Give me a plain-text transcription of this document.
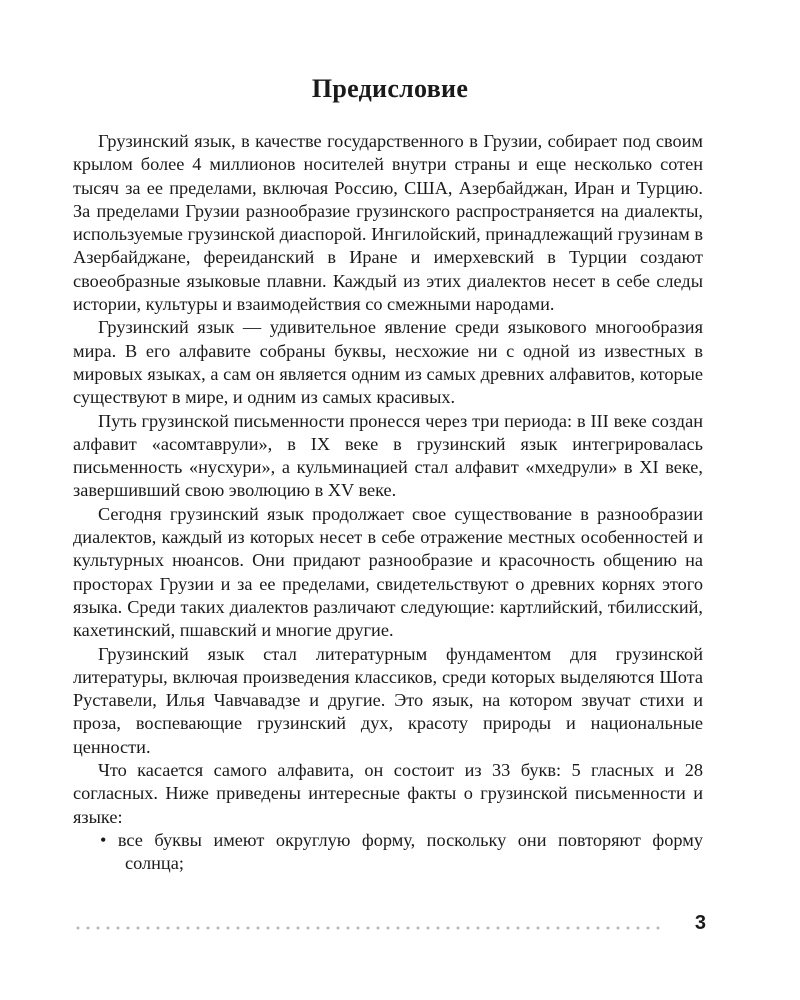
Предисловие

Грузинский язык, в качестве государственного в Грузии, собирает под своим крылом более 4 миллионов носителей внутри страны и еще несколько сотен тысяч за ее пределами, включая Россию, США, Азербайджан, Иран и Турцию. За пределами Грузии разнообразие грузинского распространяется на диалекты, используемые грузинской диаспорой. Ингилойский, принадлежащий грузинам в Азербайджане, фереиданский в Иране и имерхевский в Турции создают своеобразные языковые плавни. Каждый из этих диалектов несет в себе следы истории, культуры и взаимодействия со смежными народами.

Грузинский язык — удивительное явление среди языкового многообразия мира. В его алфавите собраны буквы, несхожие ни с одной из известных в мировых языках, а сам он является одним из самых древних алфавитов, которые существуют в мире, и одним из самых красивых.

Путь грузинской письменности пронесся через три периода: в III веке создан алфавит «асомтаврули», в IX веке в грузинский язык интегрировалась письменность «нусхури», а кульминацией стал алфавит «мхедрули» в XI веке, завершивший свою эволюцию в XV веке.

Сегодня грузинский язык продолжает свое существование в разнообразии диалектов, каждый из которых несет в себе отражение местных особенностей и культурных нюансов. Они придают разнообразие и красочность общению на просторах Грузии и за ее пределами, свидетельствуют о древних корнях этого языка. Среди таких диалектов различают следующие: картлийский, тбилисский, кахетинский, пшавский и многие другие.

Грузинский язык стал литературным фундаментом для грузинской литературы, включая произведения классиков, среди которых выделяются Шота Руставели, Илья Чавчавадзе и другие. Это язык, на котором звучат стихи и проза, воспевающие грузинский дух, красоту природы и национальные ценности.

Что касается самого алфавита, он состоит из 33 букв: 5 гласных и 28 согласных. Ниже приведены интересные факты о грузинской письменности и языке:

• все буквы имеют округлую форму, поскольку они повторяют форму солнца;

3
